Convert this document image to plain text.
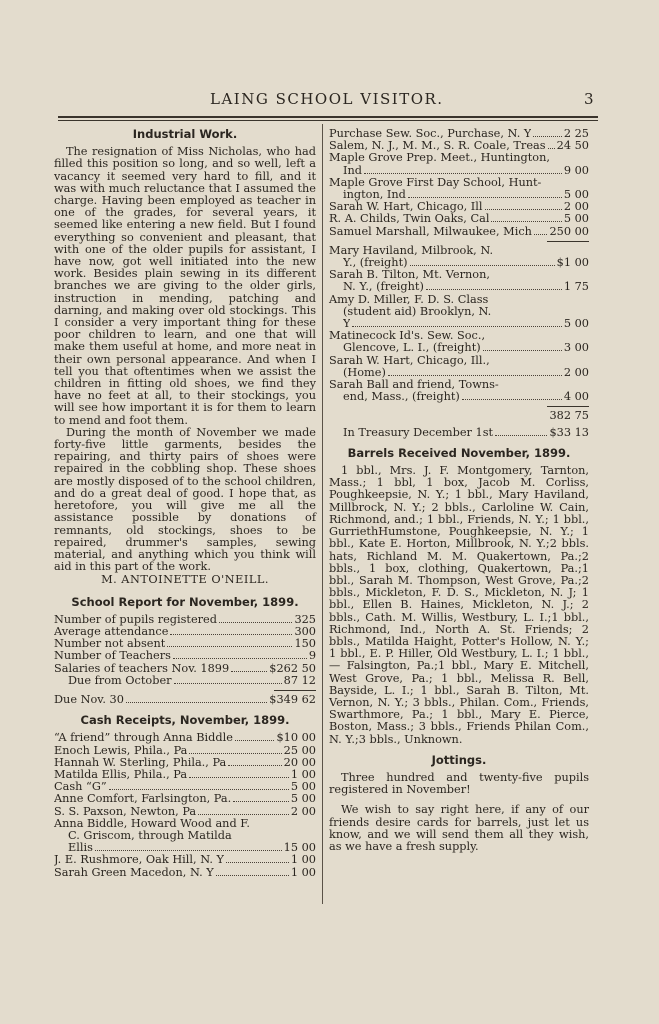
LAING SCHOOL VISITOR.	3
Industrial Work.

The resignation of Miss Nicholas, who had filled this position so long, and so well, left a vacancy it seemed very hard to fill, and it was with much reluctance that I assumed the charge. Having been employed as teacher in one of the grades, for several years, it seemed like entering a new field. But I found everything so convenient and pleasant, that with one of the older pupils for assistant, I have now, got well initiated into the new work. Besides plain sewing in its different branches we are giving to the older girls, instruction in mending, patching and darning, and making over old stockings. This I consider a very important thing for these poor children to learn, and one that will make them useful at home, and more neat in their own personal appearance. And when I tell you that oftentimes when we assist the children in fitting old shoes, we find they have no feet at all, to their stockings, you will see how important it is for them to learn to mend and foot them.

During the month of November we made forty-five little garments, besides the repairing, and thirty pairs of shoes were repaired in the cobbling shop. These shoes are mostly disposed of to the school children, and do a great deal of good. I hope that, as heretofore, you will give me all the assistance possible by donations of remnants, old stockings, shoes to be repaired, drummer's samples, sewing material, and anything which you think will aid in this part of the work.

M. ANTOINETTE O'NEILL.
School Report for November, 1899.
Number of pupils registered	325
Average attendance	300
Number not absent	150
Number of Teachers	9
Salaries of teachers Nov. 1899	$262 50
Due from October	87 12
Due Nov. 30	$349 62
Cash Receipts, November, 1899.
“A friend” through Anna Biddle	$10 00
Enoch Lewis, Phila., Pa	25 00
Hannah W. Sterling, Phila., Pa	20 00
Matilda Ellis, Phila., Pa	1 00
Cash “G”	5 00
Anne Comfort, Farlsington, Pa.	5 00
S. S. Paxson, Newton, Pa	2 00
Anna Biddle, Howard Wood and F.
C. Griscom, through Matilda
Ellis	15 00
J. E. Rushmore, Oak Hill, N. Y	1 00
Sarah Green Macedon, N. Y	1 00
Purchase Sew. Soc., Purchase, N. Y	2 25
Salem, N. J., M. M., S. R. Coale, Treas 24 50
Maple Grove Prep. Meet., Huntington,
Ind	9 00
Maple Grove First Day School, Hunt-
ington, Ind	5 00
Sarah W. Hart, Chicago, Ill	2 00
R. A. Childs, Twin Oaks, Cal	5 00
Samuel Marshall, Milwaukee, Mich 250 00
Mary Haviland, Milbrook, N.
Y., (freight)	$1 00
Sarah B. Tilton, Mt. Vernon,
N. Y., (freight)	1 75
Amy D. Miller, F. D. S. Class
(student aid) Brooklyn, N.
Y	5 00
Matinecock Id's. Sew. Soc.,
Glencove, L. I., (freight)	3 00
Sarah W. Hart, Chicago, Ill.,
(Home)	2 00
Sarah Ball and friend, Towns-
end, Mass., (freight)	4 00
382 75
In Treasury December 1st	$33 13
Barrels Received November, 1899.

1 bbl., Mrs. J. F. Montgomery, Tarnton, Mass.; 1 bbl, 1 box, Jacob M. Corliss, Poughkeepsie, N. Y.; 1 bbl., Mary Haviland, Millbrock, N. Y.; 2 bbls., Carloline W. Cain, Richmond, and.; 1 bbl., Friends, N. Y.; 1 bbl., GurriethHumstone, Poughkeepsie, N. Y.; 1 bbl., Kate E. Horton, Millbrook, N. Y.;2 bbls. hats, Richland M. M. Quakertown, Pa.;2 bbls., 1 box, clothing, Quakertown, Pa.;1 bbl., Sarah M. Thompson, West Grove, Pa.;2 bbls., Mickleton, F. D. S., Mickleton, N. J; 1 bbl., Ellen B. Haines, Mickleton, N. J.; 2 bbls., Cath. M. Willis, Westbury, L. I.;1 bbl., Richmond, Ind., North A. St. Friends; 2 bbls., Matilda Haight, Potter's Hollow, N. Y.; 1 bbl., E. P. Hiller, Old Westbury, L. I.; 1 bbl., — Falsington, Pa.;1 bbl., Mary E. Mitchell, West Grove, Pa.; 1 bbl., Melissa R. Bell, Bayside, L. I.; 1 bbl., Sarah B. Tilton, Mt. Vernon, N. Y.; 3 bbls., Philan. Com., Friends, Swarthmore, Pa.; 1 bbl., Mary E. Pierce, Boston, Mass.; 3 bbls., Friends Philan Com., N. Y.;3 bbls., Unknown.

Jottings.

Three hundred and twenty-five pupils registered in November!

We wish to say right here, if any of our friends desire cards for barrels, just let us know, and we will send them all they wish, as we have a fresh supply.
